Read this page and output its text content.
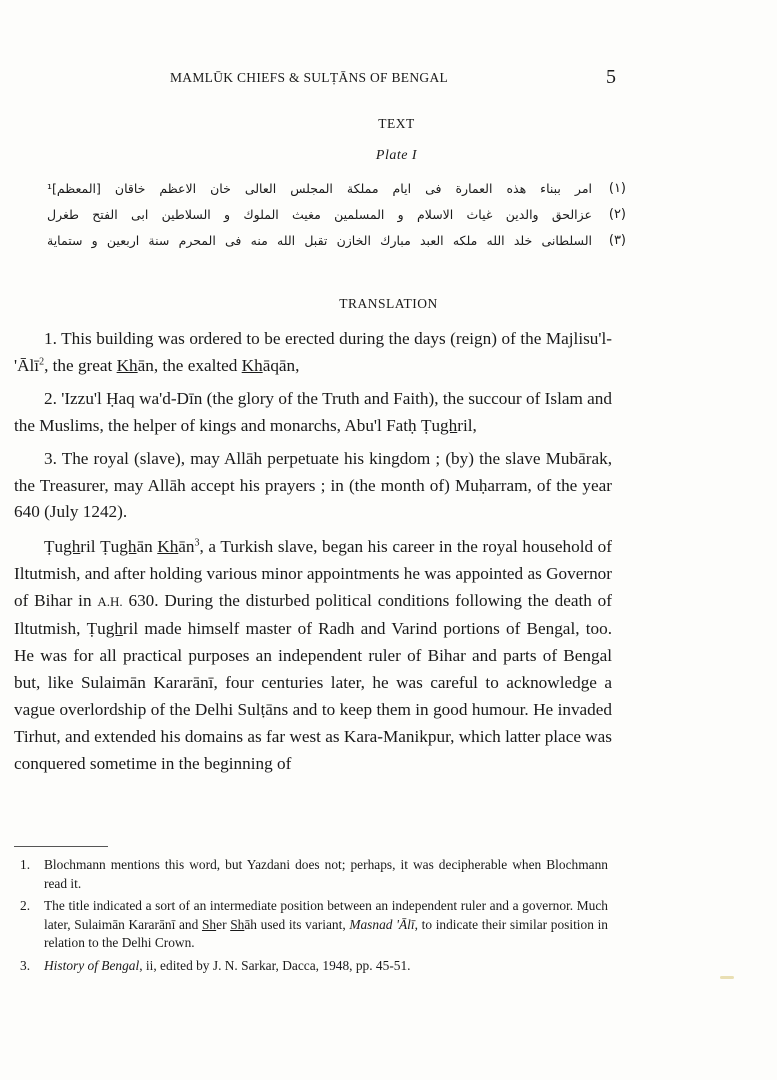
MAMLŪK CHIEFS & SULṬĀNS OF BENGAL	5
TEXT
Plate I
(١)
امر ببناء هذه العمارة فی ایام مملكة المجلس العالی خان الاعظم خاقان [المعظم]¹
(٢)
عزالحق والدین غیاث الاسلام و المسلمین مغیث الملوك و السلاطین ابی الفتح طغرل
(٣)
السلطانی خلد الله ملكه العبد مبارك الخازن تقبل الله منه فی المحرم سنة اربعین و ستمایة
TRANSLATION

1. This building was ordered to be erected during the days (reign) of the Majlisu'l-'Ālī$^2$, the great Khān, the exalted Khāqān,

2. 'Izzu'l Ḥaq wa'd-Dīn (the glory of the Truth and Faith), the succour of Islam and the Muslims, the helper of kings and monarchs, Abu'l Fatḥ Ṭughril,

3. The royal (slave), may Allāh perpetuate his kingdom ; (by) the slave Mubārak, the Treasurer, may Allāh accept his prayers ; in (the month of) Muḥarram, of the year 640 (July 1242).

Ṭughril Ṭughān Khān$^3$, a Turkish slave, began his career in the royal household of Iltutmish, and after holding various minor appointments he was appointed as Governor of Bihar in A.H. 630. During the disturbed political conditions following the death of Iltutmish, Ṭughril made himself master of Radh and Varind portions of Bengal, too. He was for all practical purposes an independent ruler of Bihar and parts of Bengal but, like Sulaimān Kararānī, four centuries later, he was careful to acknowledge a vague overlordship of the Delhi Sulṭāns and to keep them in good humour. He invaded Tirhut, and extended his domains as far west as Kara-Manikpur, which latter place was conquered sometime in the beginning of

1.	Blochmann mentions this word, but Yazdani does not; perhaps, it was decipherable when Blochmann read it.
2.	The title indicated a sort of an intermediate position between an independent ruler and a governor. Much later, Sulaimān Kararānī and Sher Shāh used its variant, Masnad 'Ālī, to indicate their similar position in relation to the Delhi Crown.
3.	History of Bengal, ii, edited by J. N. Sarkar, Dacca, 1948, pp. 45-51.
